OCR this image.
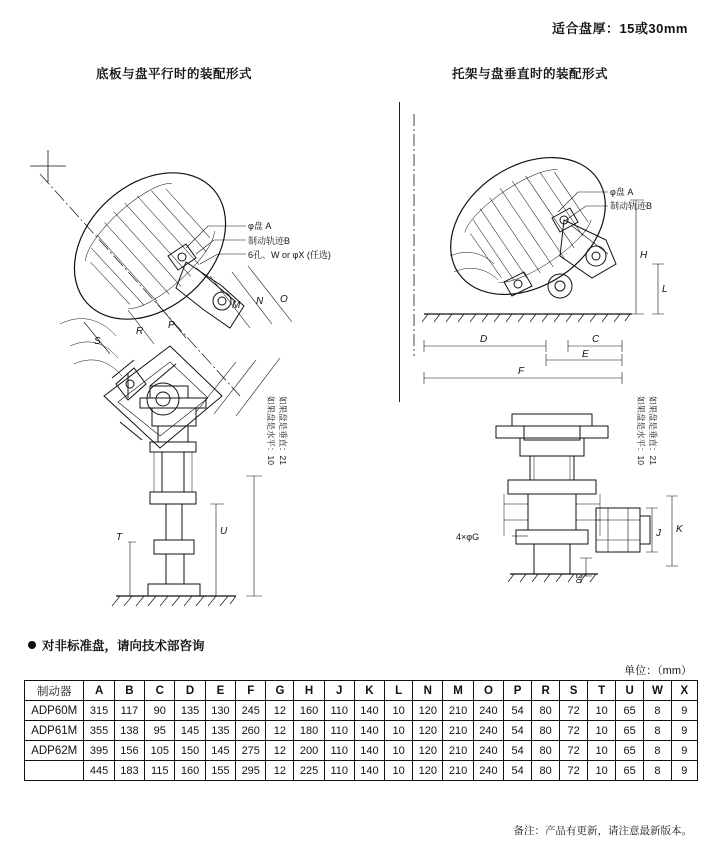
适合盘厚：15或30mm
底板与盘平行时的装配形式	托架与盘垂直时的装配形式
φ盘 A
制动轨迹B
6孔、W or φX (任选)
M N O
S
R
P
T
U
如果盘是水平：10 如果盘是垂直：21
φ盘 A
制动轨迹B
H
L
D	C
E
F
J K
4×φG
30
如果盘是水平：10 如果盘是垂直：21
对非标准盘，请向技术部咨询
单位：（mm）
制动器	A	B	C	D	E	F	G	H	J	K	L	N	M	O	P	R	S	T	U	W	X
ADP60M	315	117	90	135	130	245	12	160	110	140	10	120	210	240	54	80	72	10	65	8	9
ADP61M	355	138	95	145	135	260	12	180	110	140	10	120	210	240	54	80	72	10	65	8	9
ADP62M	395	156	105	150	145	275	12	200	110	140	10	120	210	240	54	80	72	10	65	8	9
	445	183	115	160	155	295	12	225	110	140	10	120	210	240	54	80	72	10	65	8	9
备注：产品有更新，请注意最新版本。
